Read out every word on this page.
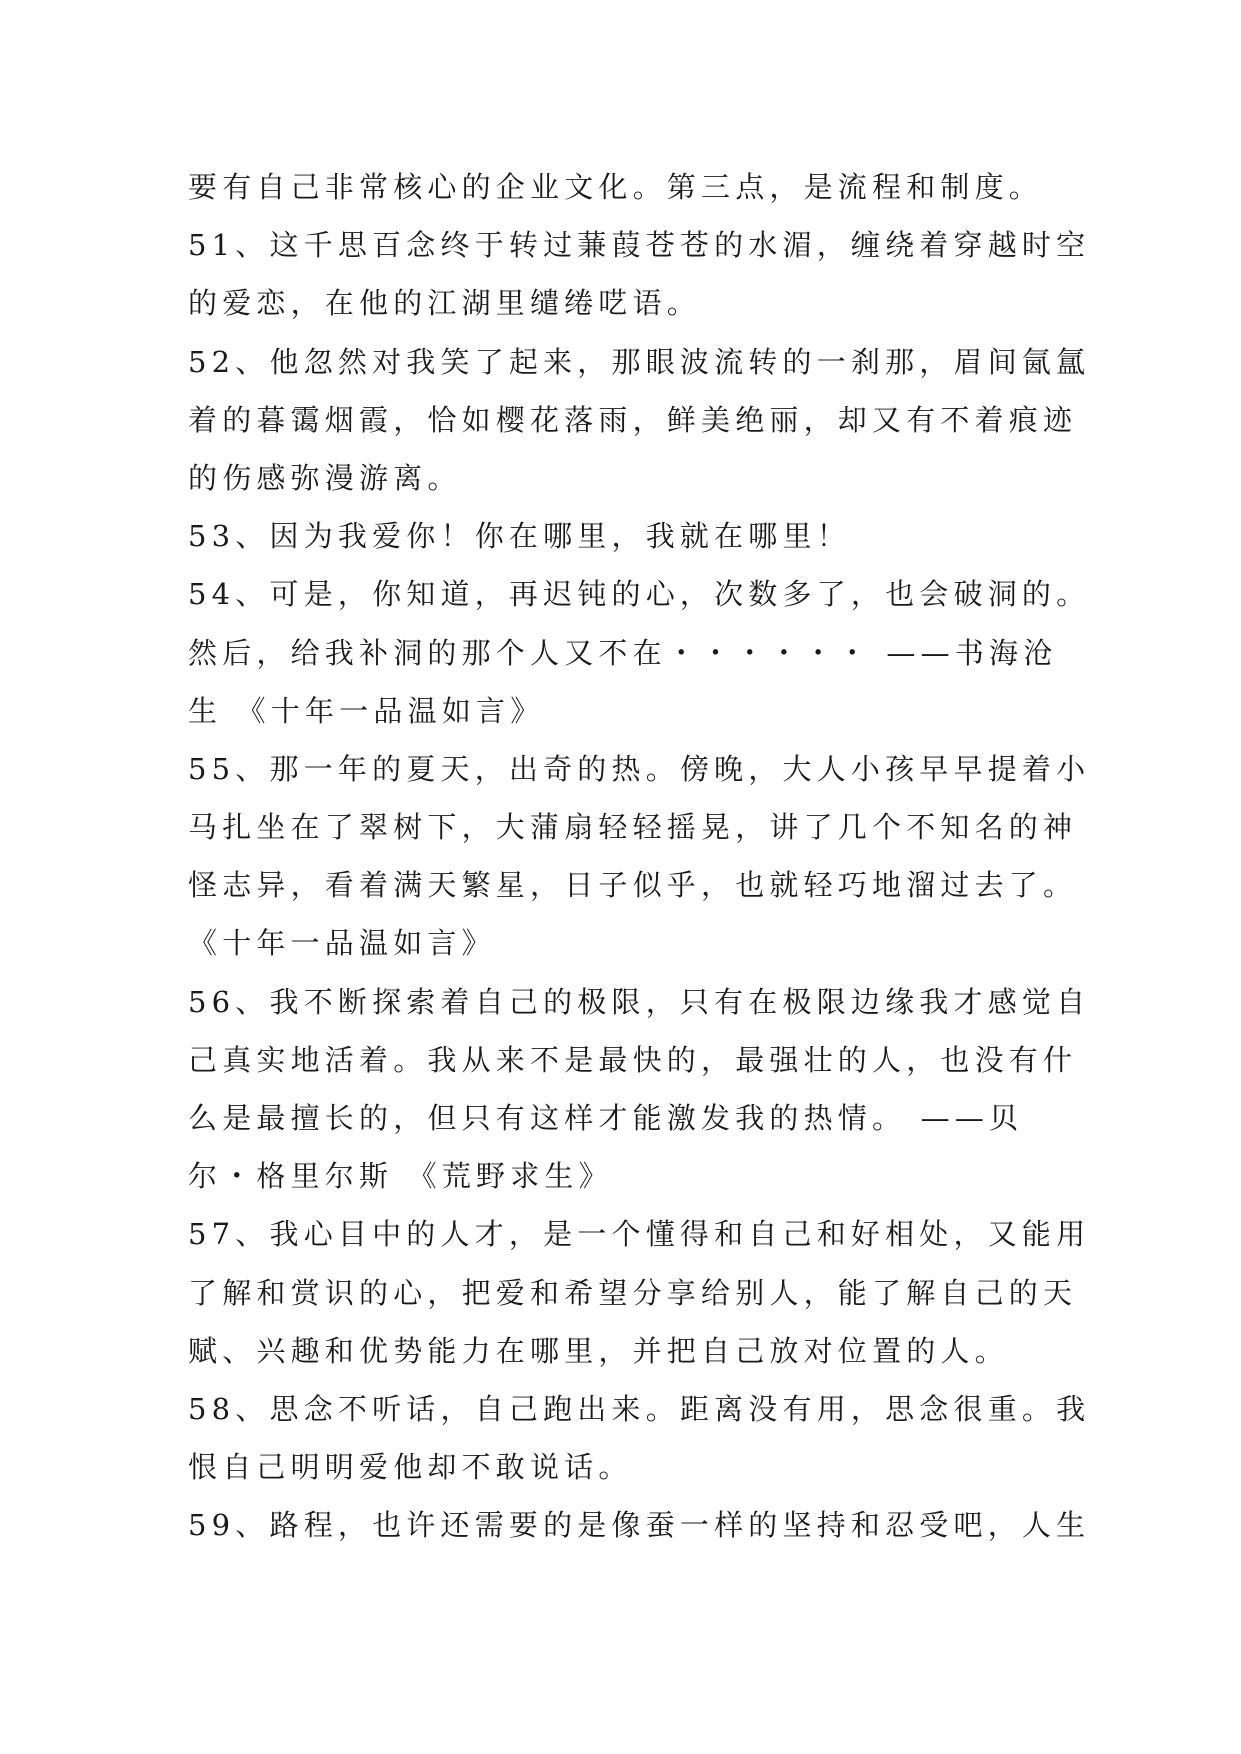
要有自己非常核心的企业文化。第三点，是流程和制度。
51、这千思百念终于转过蒹葭苍苍的水湄，缠绕着穿越时空
的爱恋，在他的江湖里缱绻呓语。
52、他忽然对我笑了起来，那眼波流转的一刹那，眉间氤氲
着的暮霭烟霞，恰如樱花落雨，鲜美绝丽，却又有不着痕迹
的伤感弥漫游离。
53、因为我爱你！你在哪里，我就在哪里！
54、可是，你知道，再迟钝的心，次数多了，也会破洞的。
然后，给我补洞的那个人又不在・・・・・・ ——书海沧
生 《十年一品温如言》
55、那一年的夏天，出奇的热。傍晚，大人小孩早早提着小
马扎坐在了翠树下，大蒲扇轻轻摇晃，讲了几个不知名的神
怪志异，看着满天繁星，日子似乎，也就轻巧地溜过去了。
《十年一品温如言》
56、我不断探索着自己的极限，只有在极限边缘我才感觉自
己真实地活着。我从来不是最快的，最强壮的人，也没有什
么是最擅长的，但只有这样才能激发我的热情。 ——贝
尔・格里尔斯 《荒野求生》
57、我心目中的人才，是一个懂得和自己和好相处，又能用
了解和赏识的心，把爱和希望分享给别人，能了解自己的天
赋、兴趣和优势能力在哪里，并把自己放对位置的人。
58、思念不听话，自己跑出来。距离没有用，思念很重。我
恨自己明明爱他却不敢说话。
59、路程，也许还需要的是像蚕一样的坚持和忍受吧，人生
